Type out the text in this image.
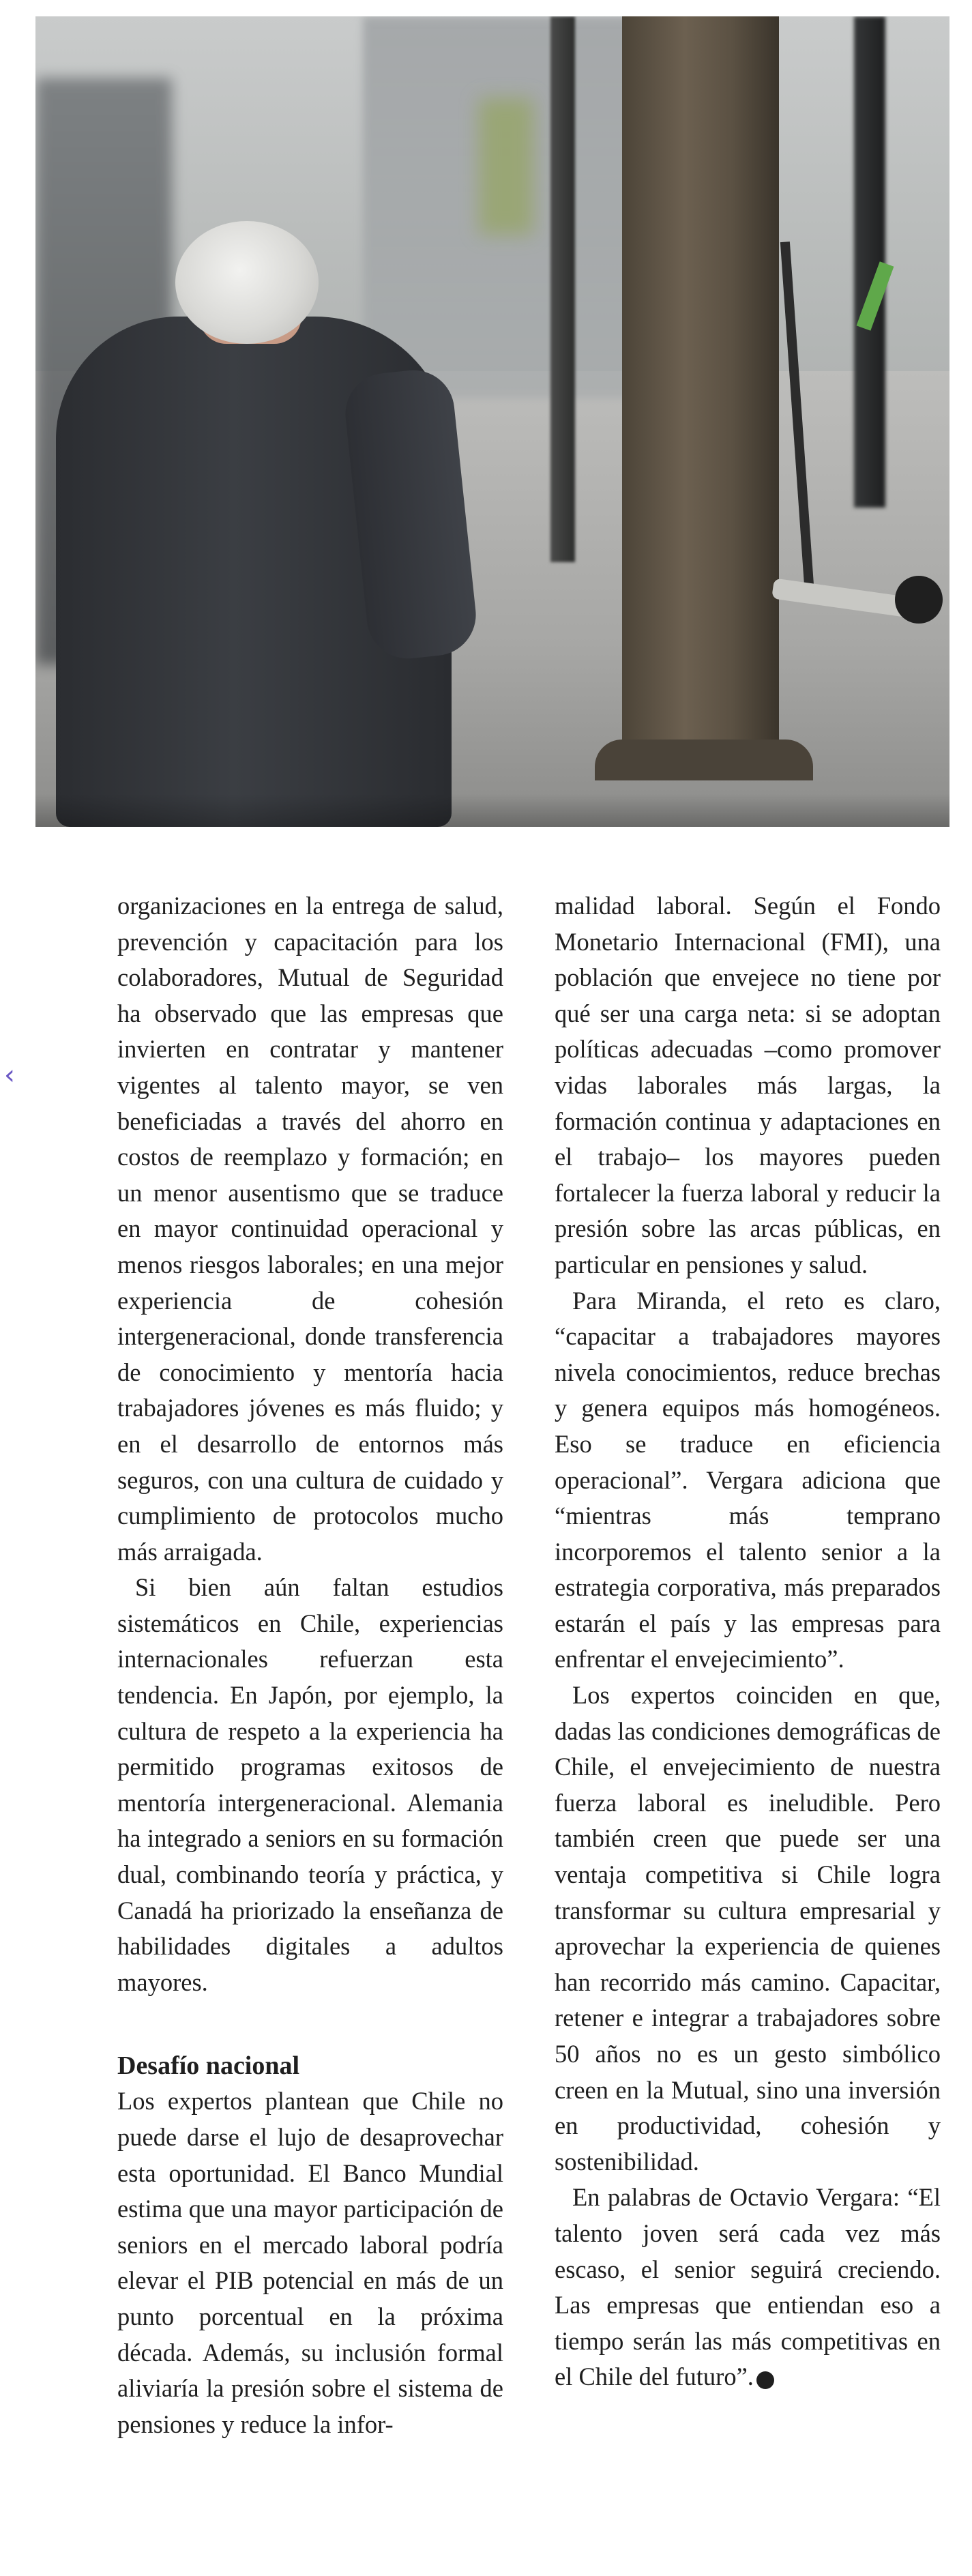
‹

organizaciones en la entrega de salud, prevención y capacitación para los colaboradores, Mutual de Seguridad ha observado que las empresas que invierten en contratar y mantener vigentes al talento mayor, se ven beneficiadas a través del ahorro en costos de reemplazo y formación; en un menor ausentismo que se traduce en mayor continuidad operacional y menos riesgos laborales; en una mejor experiencia de cohesión intergeneracional, donde transferencia de conocimiento y mentoría hacia trabajadores jóvenes es más fluido; y en el desarrollo de entornos más seguros, con una cultura de cuidado y cumplimiento de protocolos mucho más arraigada.

Si bien aún faltan estudios sistemáticos en Chile, experiencias internacionales refuerzan esta tendencia. En Japón, por ejemplo, la cultura de respeto a la experiencia ha permitido programas exitosos de mentoría intergeneracional. Alemania ha integrado a seniors en su formación dual, combinando teoría y práctica, y Canadá ha priorizado la enseñanza de habilidades digitales a adultos mayores.

Desafío nacional

Los expertos plantean que Chile no puede darse el lujo de desaprovechar esta oportunidad. El Banco Mundial estima que una mayor participación de seniors en el mercado laboral podría elevar el PIB potencial en más de un punto porcentual en la próxima década. Además, su inclusión formal aliviaría la presión sobre el sistema de pensiones y reduce la infor-

malidad laboral. Según el Fondo Monetario Internacional (FMI), una población que envejece no tiene por qué ser una carga neta: si se adoptan políticas adecuadas –como promover vidas laborales más largas, la formación continua y adaptaciones en el trabajo– los mayores pueden fortalecer la fuerza laboral y reducir la presión sobre las arcas públicas, en particular en pensiones y salud.

Para Miranda, el reto es claro, “capacitar a trabajadores mayores nivela conocimientos, reduce brechas y genera equipos más homogéneos. Eso se traduce en eficiencia operacional”. Vergara adiciona que “mientras más temprano incorporemos el talento senior a la estrategia corporativa, más preparados estarán el país y las empresas para enfrentar el envejecimiento”.

Los expertos coinciden en que, dadas las condiciones demográficas de Chile, el envejecimiento de nuestra fuerza laboral es ineludible. Pero también creen que puede ser una ventaja competitiva si Chile logra transformar su cultura empresarial y aprovechar la experiencia de quienes han recorrido más camino. Capacitar, retener e integrar a trabajadores sobre 50 años no es un gesto simbólico creen en la Mutual, sino una inversión en productividad, cohesión y sostenibilidad.

En palabras de Octavio Vergara: “El talento joven será cada vez más escaso, el senior seguirá creciendo. Las empresas que entiendan eso a tiempo serán las más competitivas en el Chile del futuro”. P
